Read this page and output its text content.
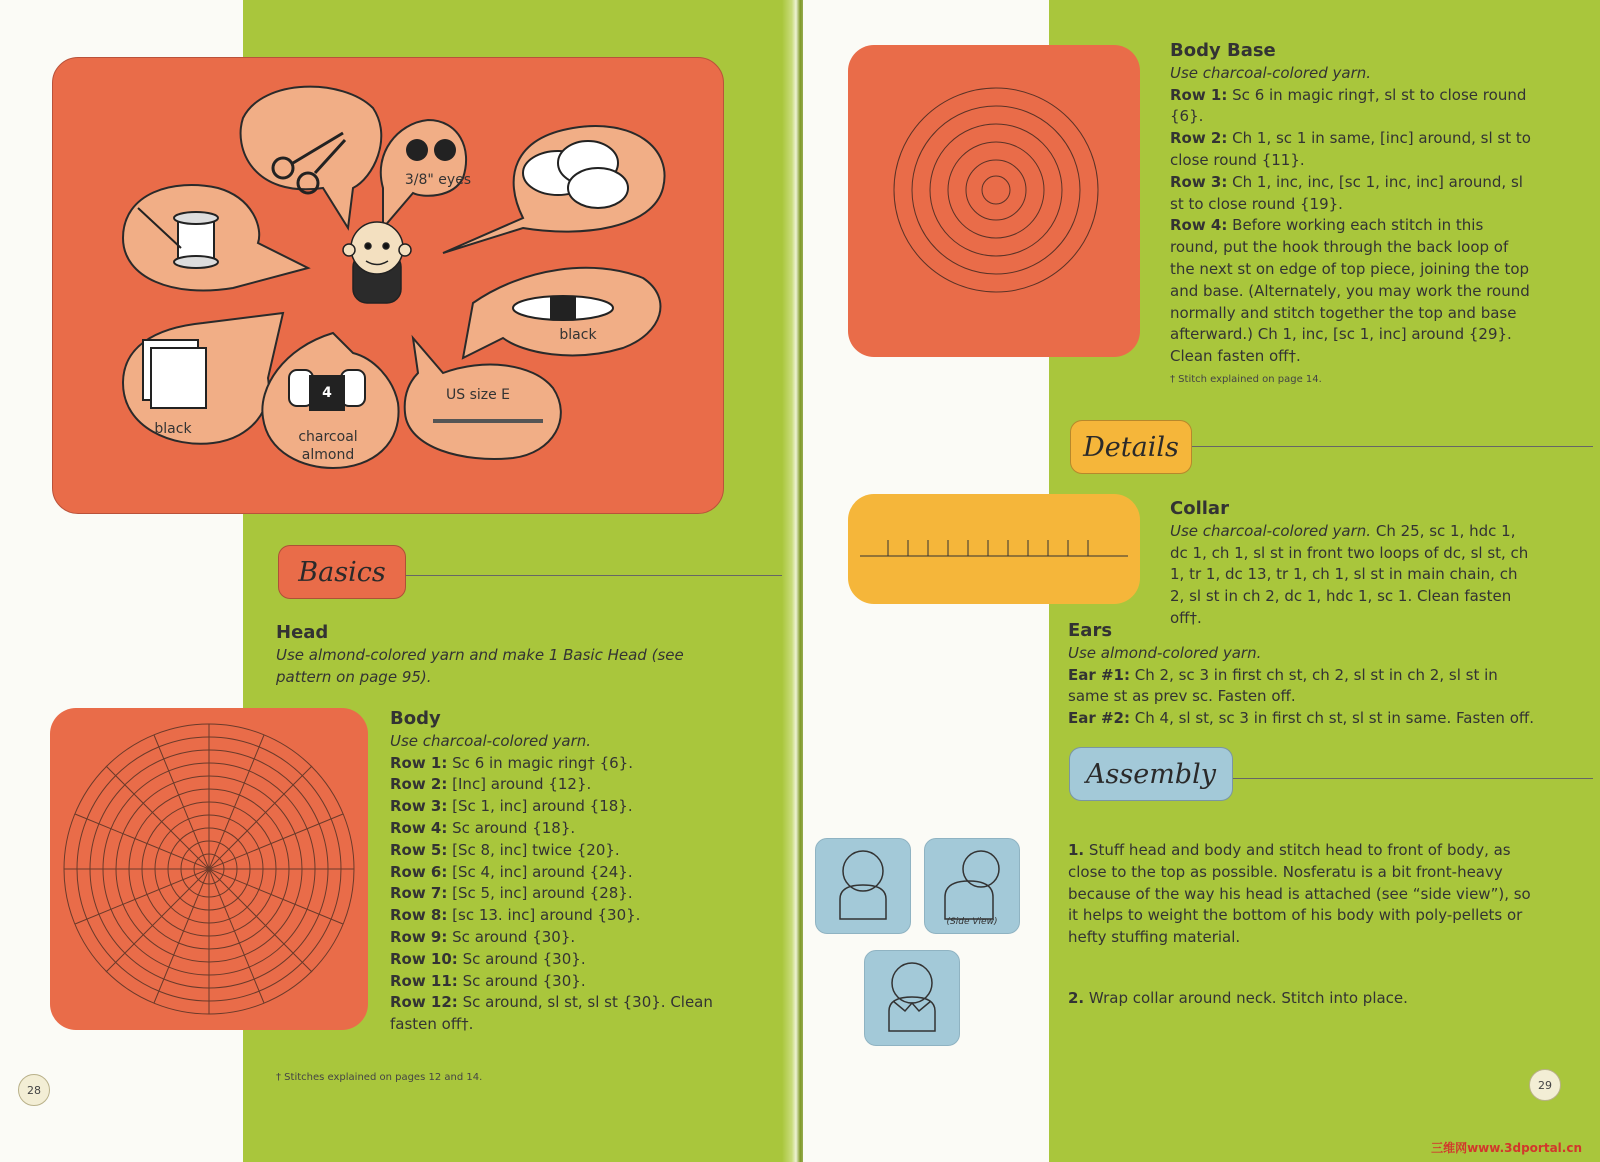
3/8" eyes
black
black
4
charcoal
almond
US size E
Basics
Head

Use almond-colored yarn and make 1 Basic Head (see pattern on page 95).

Body

Use charcoal-colored yarn.

Row 1: Sc 6 in magic ring† {6}.

Row 2: [Inc] around {12}.

Row 3: [Sc 1, inc] around {18}.

Row 4: Sc around {18}.

Row 5: [Sc 8, inc] twice {20}.

Row 6: [Sc 4, inc] around {24}.

Row 7: [Sc 5, inc] around {28}.

Row 8: [sc 13. inc] around {30}.

Row 9: Sc around {30}.

Row 10: Sc around {30}.

Row 11: Sc around {30}.

Row 12: Sc around, sl st, sl st {30}. Clean fasten off†.

† Stitches explained on pages 12 and 14.
28
Body Base

Use charcoal-colored yarn.

Row 1: Sc 6 in magic ring†, sl st to close round {6}.

Row 2: Ch 1, sc 1 in same, [inc] around, sl st to close round {11}.

Row 3: Ch 1, inc, inc, [sc 1, inc, inc] around, sl st to close round {19}.

Row 4: Before working each stitch in this round, put the hook through the back loop of the next st on edge of top piece, joining the top and base. (Alternately, you may work the round normally and stitch together the top and base afterward.) Ch 1, inc, [sc 1, inc] around {29}. Clean fasten off†.

† Stitch explained on page 14.
Details
Collar

Use charcoal-colored yarn. Ch 25, sc 1, hdc 1, dc 1, ch 1, sl st in front two loops of dc, sl st, ch 1, tr 1, dc 13, tr 1, ch 1, sl st in main chain, ch 2, sl st in ch 2, dc 1, hdc 1, sc 1. Clean fasten off†.

Ears

Use almond-colored yarn.

Ear #1: Ch 2, sc 3 in first ch st, ch 2, sl st in ch 2, sl st in same st as prev sc. Fasten off.

Ear #2: Ch 4, sl st, sc 3 in first ch st, sl st in same. Fasten off.

Assembly
(Side View)

1. Stuff head and body and stitch head to front of body, as close to the top as possible. Nosferatu is a bit front-heavy because of the way his head is attached (see “side view”), so it helps to weight the bottom of his body with poly-pellets or hefty stuffing material.

2. Wrap collar around neck. Stitch into place.

29
三维网www.3dportal.cn
